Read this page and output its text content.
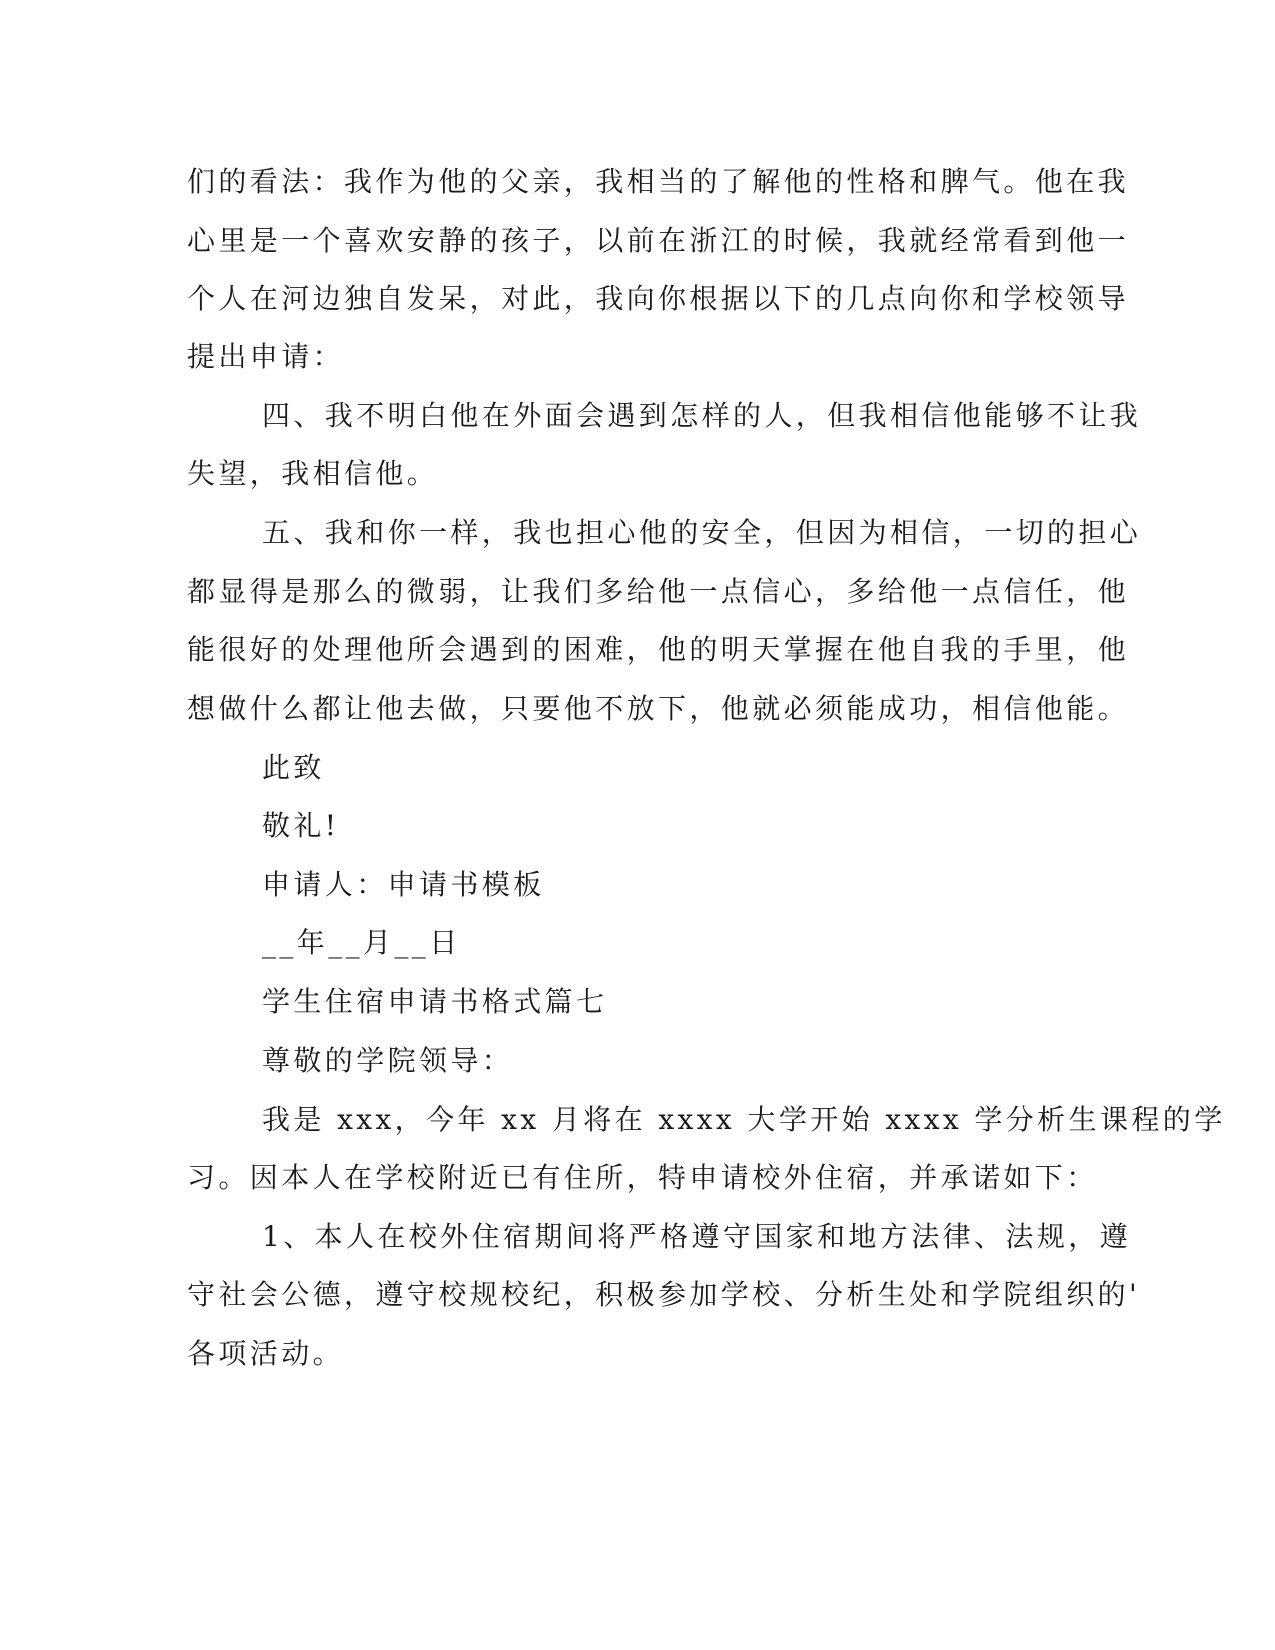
们的看法：我作为他的父亲，我相当的了解他的性格和脾气。他在我
心里是一个喜欢安静的孩子，以前在浙江的时候，我就经常看到他一
个人在河边独自发呆，对此，我向你根据以下的几点向你和学校领导
提出申请：
四、我不明白他在外面会遇到怎样的人，但我相信他能够不让我
失望，我相信他。
五、我和你一样，我也担心他的安全，但因为相信，一切的担心
都显得是那么的微弱，让我们多给他一点信心，多给他一点信任，他
能很好的处理他所会遇到的困难，他的明天掌握在他自我的手里，他
想做什么都让他去做，只要他不放下，他就必须能成功，相信他能。
此致
敬礼!
申请人：申请书模板
__年__月__日
学生住宿申请书格式篇七
尊敬的学院领导：
我是 xxx，今年 xx 月将在 xxxx 大学开始 xxxx 学分析生课程的学
习。因本人在学校附近已有住所，特申请校外住宿，并承诺如下：
1、本人在校外住宿期间将严格遵守国家和地方法律、法规，遵
守社会公德，遵守校规校纪，积极参加学校、分析生处和学院组织的'
各项活动。
